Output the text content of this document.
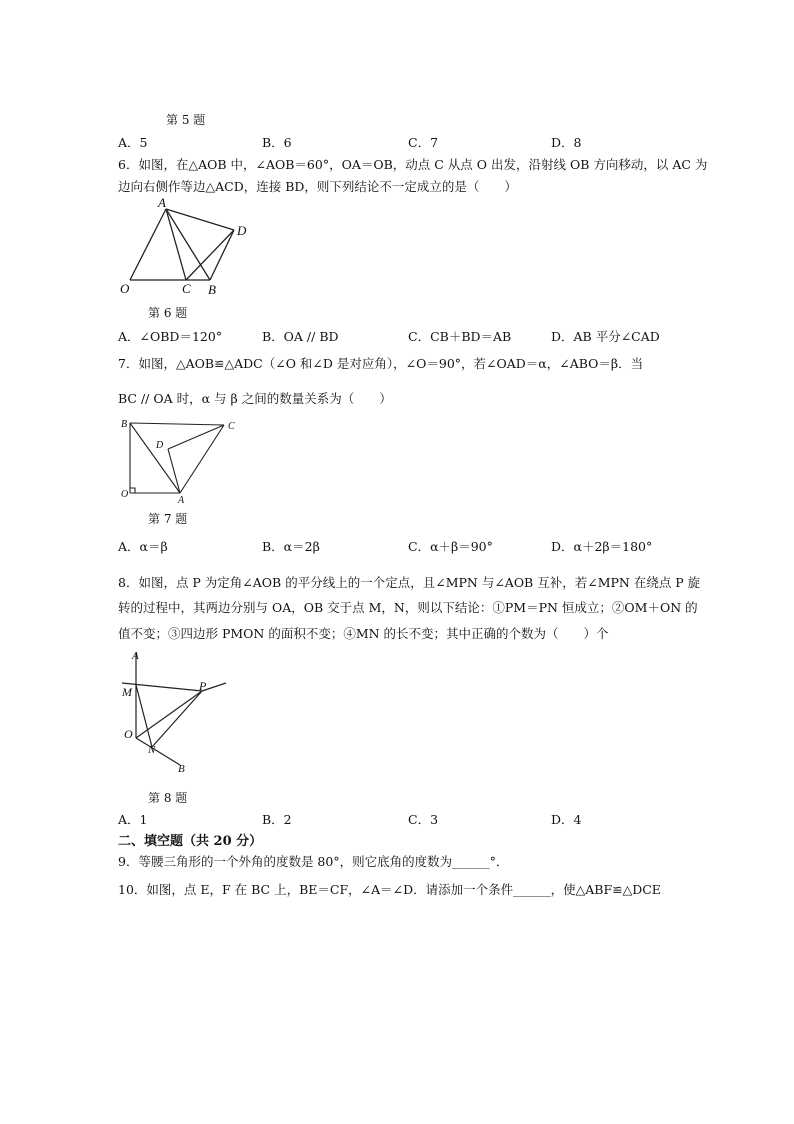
第 5 题
A．5	B．6	C．7	D．8
6．如图，在△AOB 中，∠AOB＝60°，OA＝OB，动点 C 从点 O 出发，沿射线 OB 方向移动，以 AC 为
边向右侧作等边△ACD，连接 BD，则下列结论不一定成立的是（　　）
A
O	C B
D
第 6 题
A．∠OBD＝120°	B．OA // BD	C．CB＋BD＝AB	D．AB 平分∠CAD
7．如图，△AOB≌△ADC（∠O 和∠D 是对应角），∠O＝90°，若∠OAD＝α，∠ABO＝β．当
BC // OA 时，α 与 β 之间的数量关系为（　　）
B	C
D
O
A
第 7 题
A．α＝β	B．α＝2β	C．α＋β＝90°	D．α＋2β＝180°
8．如图，点 P 为定角∠AOB 的平分线上的一个定点，且∠MPN 与∠AOB 互补，若∠MPN 在绕点 P 旋
转的过程中，其两边分别与 OA，OB 交于点 M，N，则以下结论：①PM＝PN 恒成立；②OM＋ON 的
值不变；③四边形 PMON 的面积不变；④MN 的长不变；其中正确的个数为（　　）个
A
M	P
O
N
B
第 8 题
A．1	B．2	C．3	D．4
二、填空题（共 20 分）
9．等腰三角形的一个外角的度数是 80°，则它底角的度数为______°．
10．如图，点 E，F 在 BC 上，BE＝CF，∠A＝∠D．请添加一个条件______，使△ABF≌△DCE
